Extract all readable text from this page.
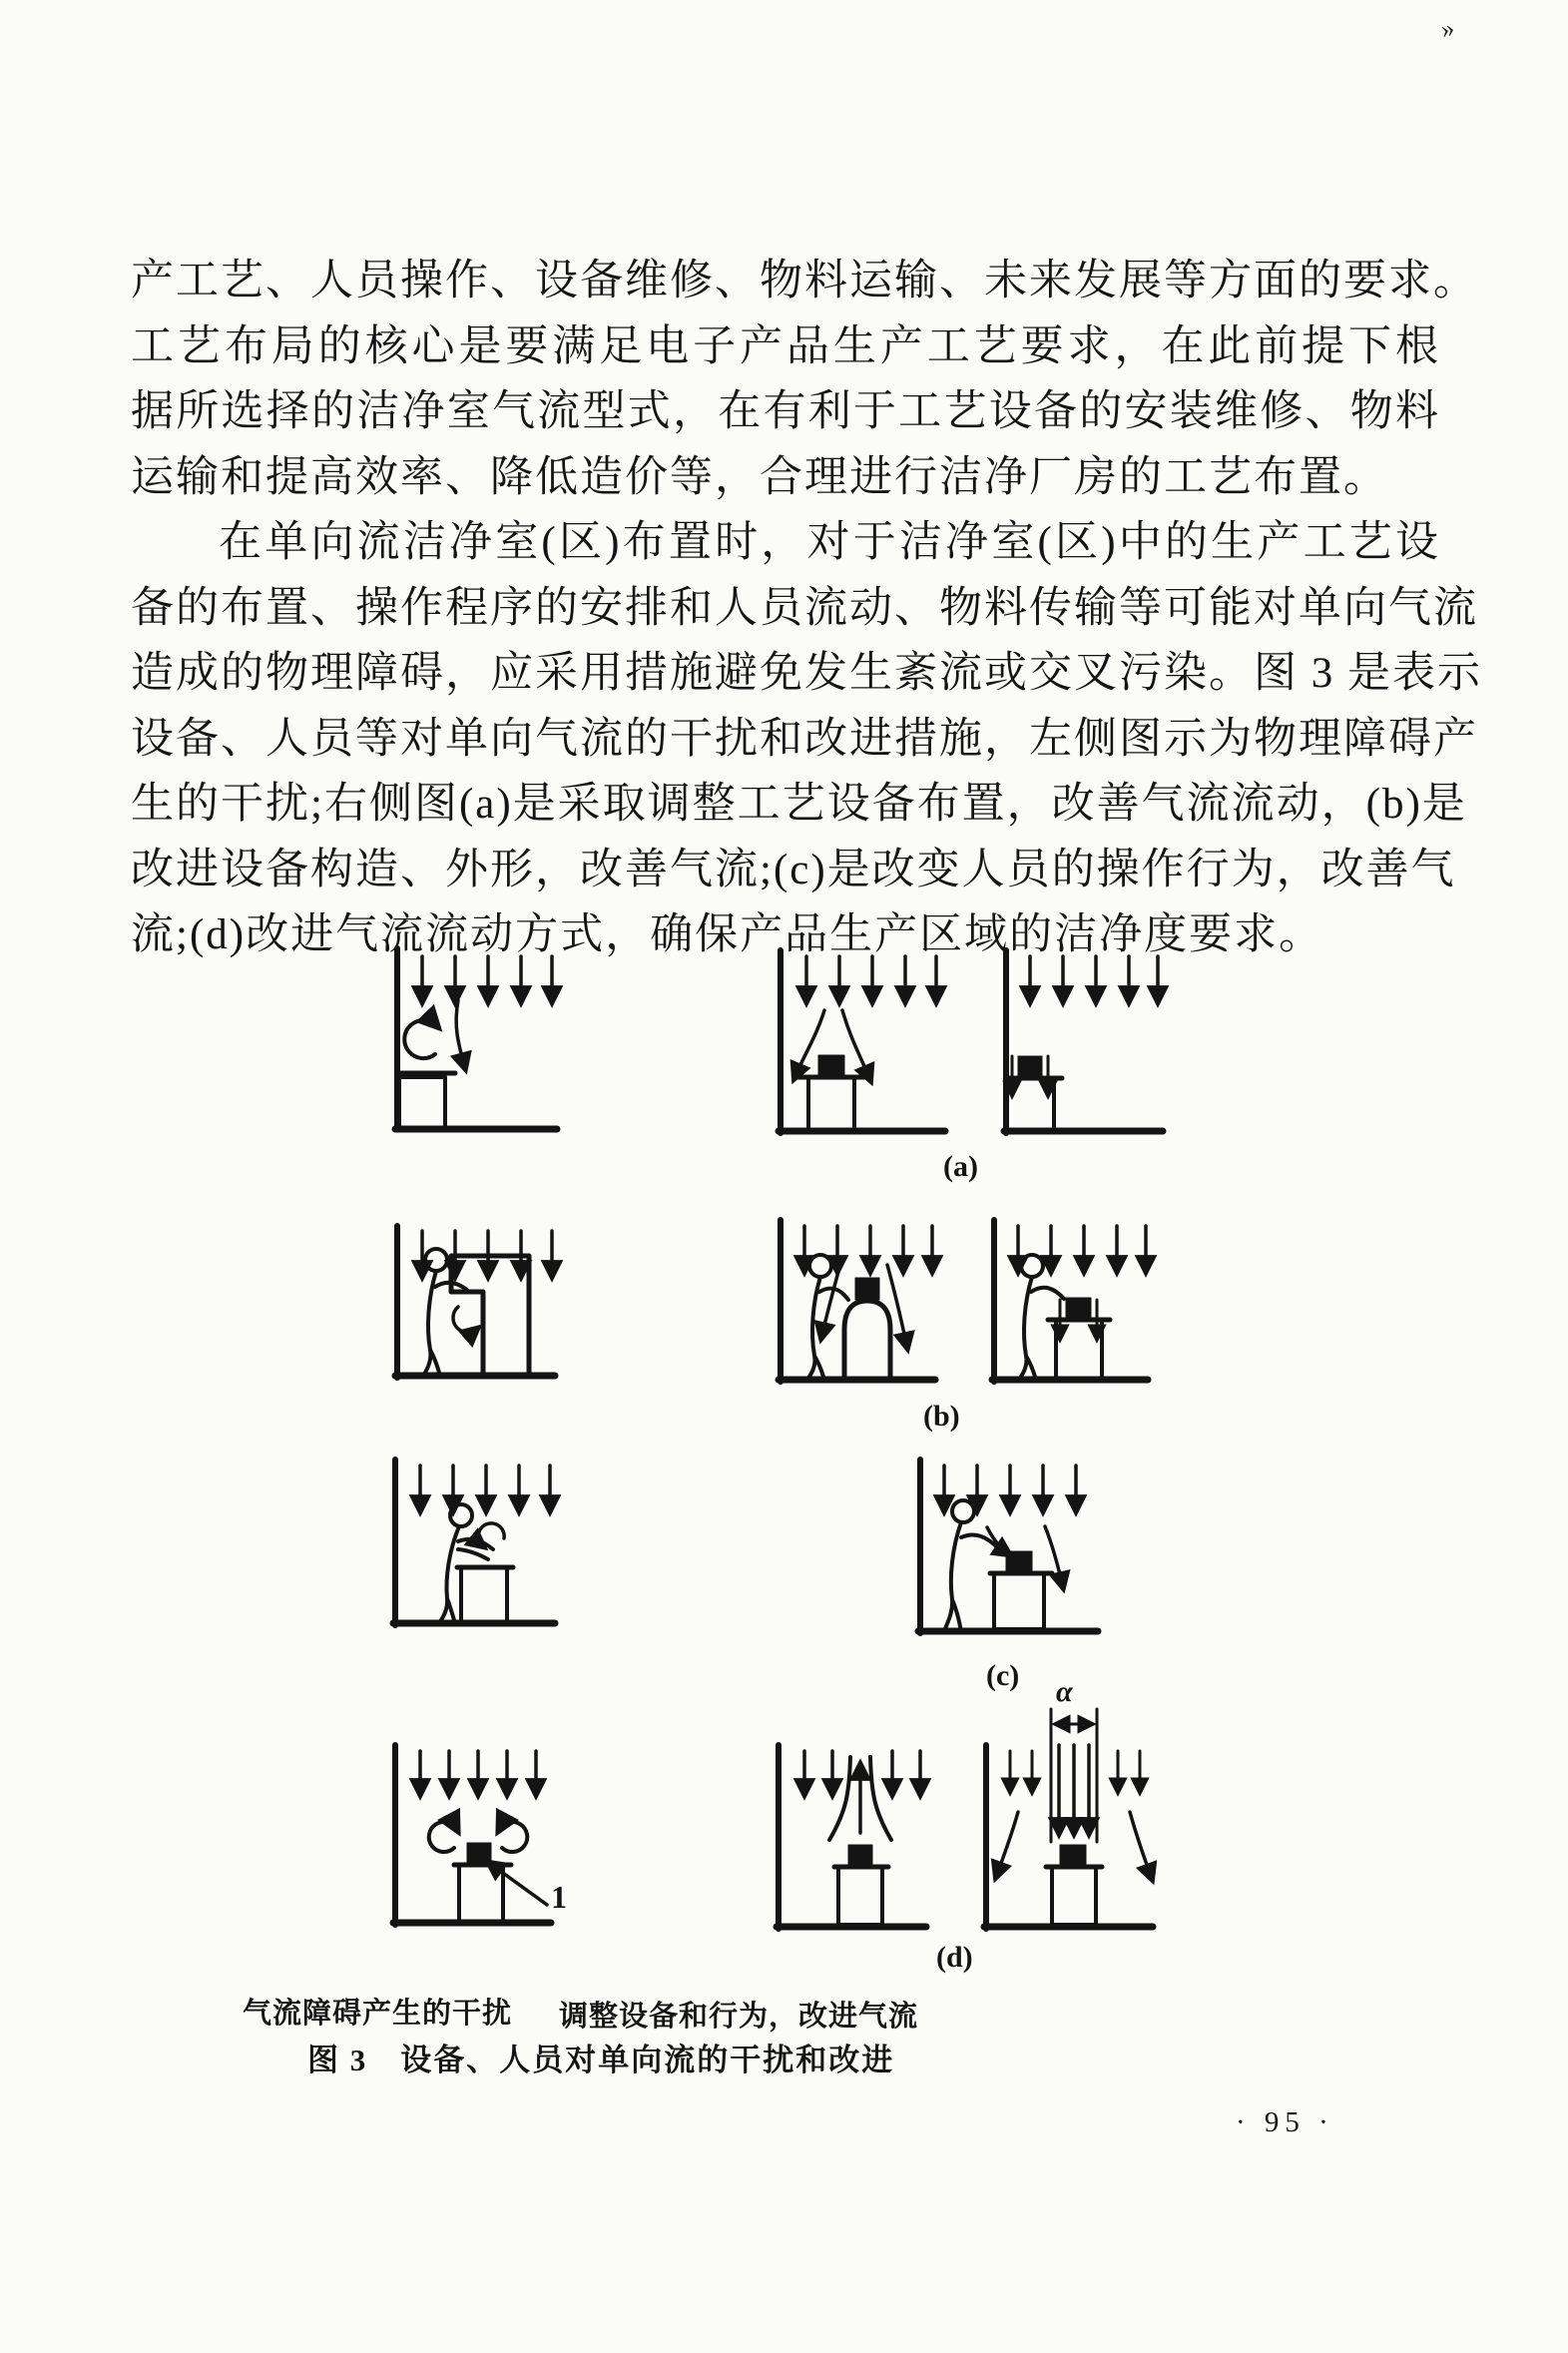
»
产工艺、人员操作、设备维修、物料运输、未来发展等方面的要求。
工艺布局的核心是要满足电子产品生产工艺要求，在此前提下根
据所选择的洁净室气流型式，在有利于工艺设备的安装维修、物料
运输和提高效率、降低造价等，合理进行洁净厂房的工艺布置。
在单向流洁净室(区)布置时，对于洁净室(区)中的生产工艺设
备的布置、操作程序的安排和人员流动、物料传输等可能对单向气流
造成的物理障碍，应采用措施避免发生紊流或交叉污染。图 3 是表示
设备、人员等对单向气流的干扰和改进措施，左侧图示为物理障碍产
生的干扰;右侧图(a)是采取调整工艺设备布置，改善气流流动，(b)是
改进设备构造、外形，改善气流;(c)是改变人员的操作行为，改善气
流;(d)改进气流流动方式，确保产品生产区域的洁净度要求。
(a)
(b)
(c)
(d)
α
1
气流障碍产生的干扰 调整设备和行为，改进气流
图 3　设备、人员对单向流的干扰和改进
· 95 ·
